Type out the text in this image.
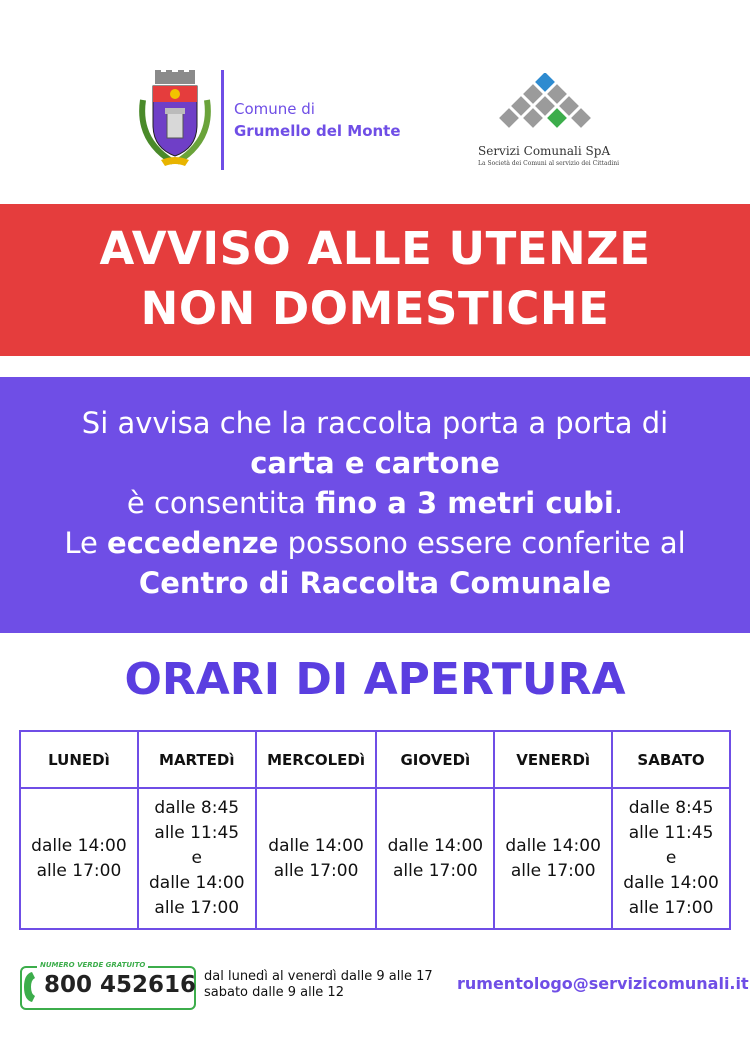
Comune di
Grumello del Monte
Servizi Comunali SpA
La Società dei Comuni al servizio dei Cittadini
AVVISO ALLE UTENZE
NON DOMESTICHE
Si avvisa che la raccolta porta a porta di
carta e cartone
è consentita fino a 3 metri cubi.
Le eccedenze possono essere conferite al
Centro di Raccolta Comunale
ORARI DI APERTURA
LUNEDì	MARTEDì	MERCOLEDì	GIOVEDì	VENERDì	SABATO

dalle 14:00
alle 17:00	dalle 8:45
alle 11:45
e
dalle 14:00
alle 17:00	dalle 14:00
alle 17:00	dalle 14:00
alle 17:00	dalle 14:00
alle 17:00	dalle 8:45
alle 11:45
e
dalle 14:00
alle 17:00
NUMERO VERDE GRATUITO
800 452616 dal lunedì al venerdì dalle 9 alle 17
sabato dalle 9 alle 12	rumentologo@servizicomunali.it
